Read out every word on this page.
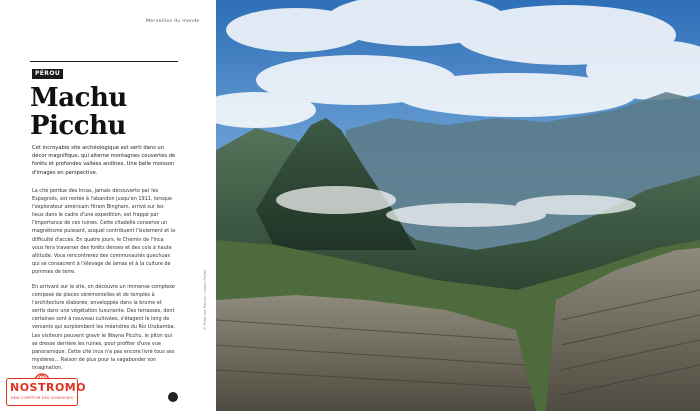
Merveilles du monde
PÉROU
Machu
Picchu
Cet incroyable site archéologique est serti dans un décor magnifique, qui alterne montagnes couvertes de forêts et profondes vallées andines. Une belle moisson d'images en perspective.

La cité perdue des Incas, jamais découverte par les Espagnols, est restée à l'abandon jusqu'en 1911, lorsque l'explorateur américain Hiram Bingham, arrivé sur les lieux dans le cadre d'une expédition, est frappé par l'importance de ces ruines. Cette citadelle conserve un magnétisme puissant, auquel contribuent l'isolement et la difficulté d'accès. En quatre jours, le Chemin de l'Inca vous fera traverser des forêts denses et des cols à haute altitude. Vous rencontrerez des communautés quechuas qui se consacrent à l'élevage de lamas et à la culture de pommes de terre.

En arrivant sur le site, on découvre un immense complexe composé de places cérémonielles et de temples à l'architecture élaborée, enveloppés dans la brume et sertis dans une végétation luxuriante. Des terrasses, dont certaines sont à nouveau cultivées, s'étagent le long de versants qui surplombent les méandres du Río Urubamba. Les visiteurs peuvent gravir le Wayna Picchu, le piton qui se dresse derrière les ruines, pour profiter d'une vue panoramique. Cette cité inca n'a pas encore livré tous ses mystères... Raison de plus pour la vagabonder son imagination.

© Philip Lee Harvey / Lonely Planet
NOSTROMO
NEW COMPTOIR DES VOYAGEURS
